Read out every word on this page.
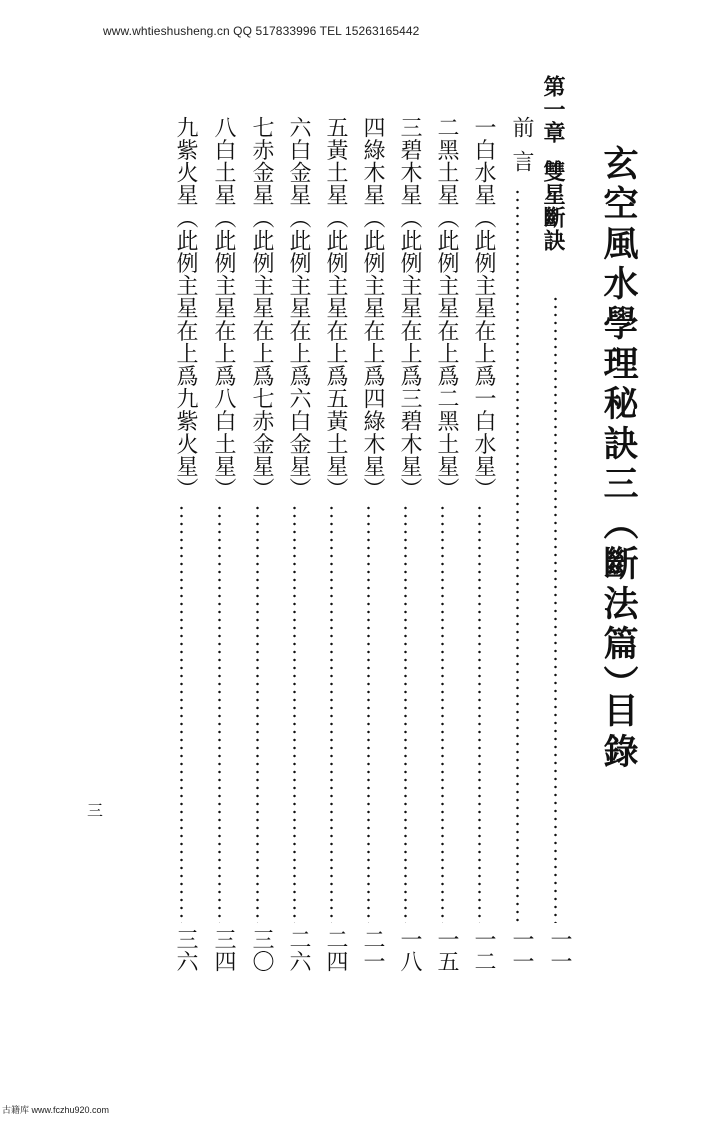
www.whtieshusheng.cn QQ 517833996 TEL 15263165442
玄空風水學理秘訣三（斷法篇）
目錄
第一章雙星斷訣
一一
前言
一一
一白水星（此例主星在上爲一白水星）
一二
二黑土星（此例主星在上爲二黑土星）
一五
三碧木星（此例主星在上爲三碧木星）
一八
四綠木星（此例主星在上爲四綠木星）
二一
五黃土星（此例主星在上爲五黃土星）
二四
六白金星（此例主星在上爲六白金星）
二六
七赤金星（此例主星在上爲七赤金星）
三〇
八白土星（此例主星在上爲八白土星）
三四
九紫火星（此例主星在上爲九紫火星）
三六
三
古籍库 www.fczhu920.com
